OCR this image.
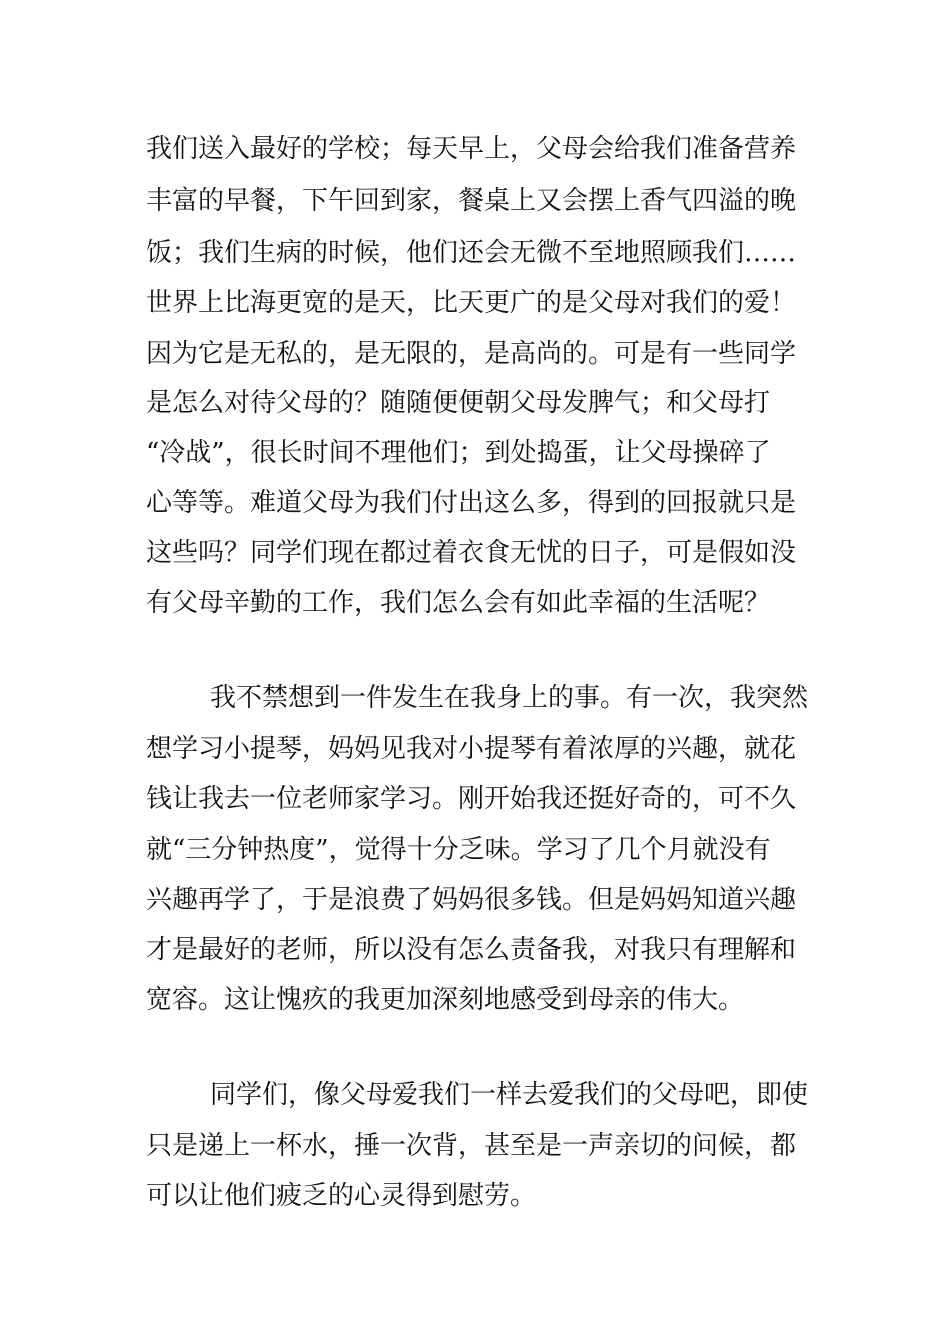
我们送入最好的学校；每天早上，父母会给我们准备营养
丰富的早餐，下午回到家，餐桌上又会摆上香气四溢的晚
饭；我们生病的时候，他们还会无微不至地照顾我们……
世界上比海更宽的是天，比天更广的是父母对我们的爱！
因为它是无私的，是无限的，是高尚的。可是有一些同学
是怎么对待父母的？随随便便朝父母发脾气；和父母打
“冷战”，很长时间不理他们；到处捣蛋，让父母操碎了
心等等。难道父母为我们付出这么多，得到的回报就只是
这些吗？同学们现在都过着衣食无忧的日子，可是假如没
有父母辛勤的工作，我们怎么会有如此幸福的生活呢？
我不禁想到一件发生在我身上的事。有一次，我突然
想学习小提琴，妈妈见我对小提琴有着浓厚的兴趣，就花
钱让我去一位老师家学习。刚开始我还挺好奇的，可不久
就“三分钟热度”，觉得十分乏味。学习了几个月就没有
兴趣再学了，于是浪费了妈妈很多钱。但是妈妈知道兴趣
才是最好的老师，所以没有怎么责备我，对我只有理解和
宽容。这让愧疚的我更加深刻地感受到母亲的伟大。
同学们，像父母爱我们一样去爱我们的父母吧，即使
只是递上一杯水，捶一次背，甚至是一声亲切的问候，都
可以让他们疲乏的心灵得到慰劳。
